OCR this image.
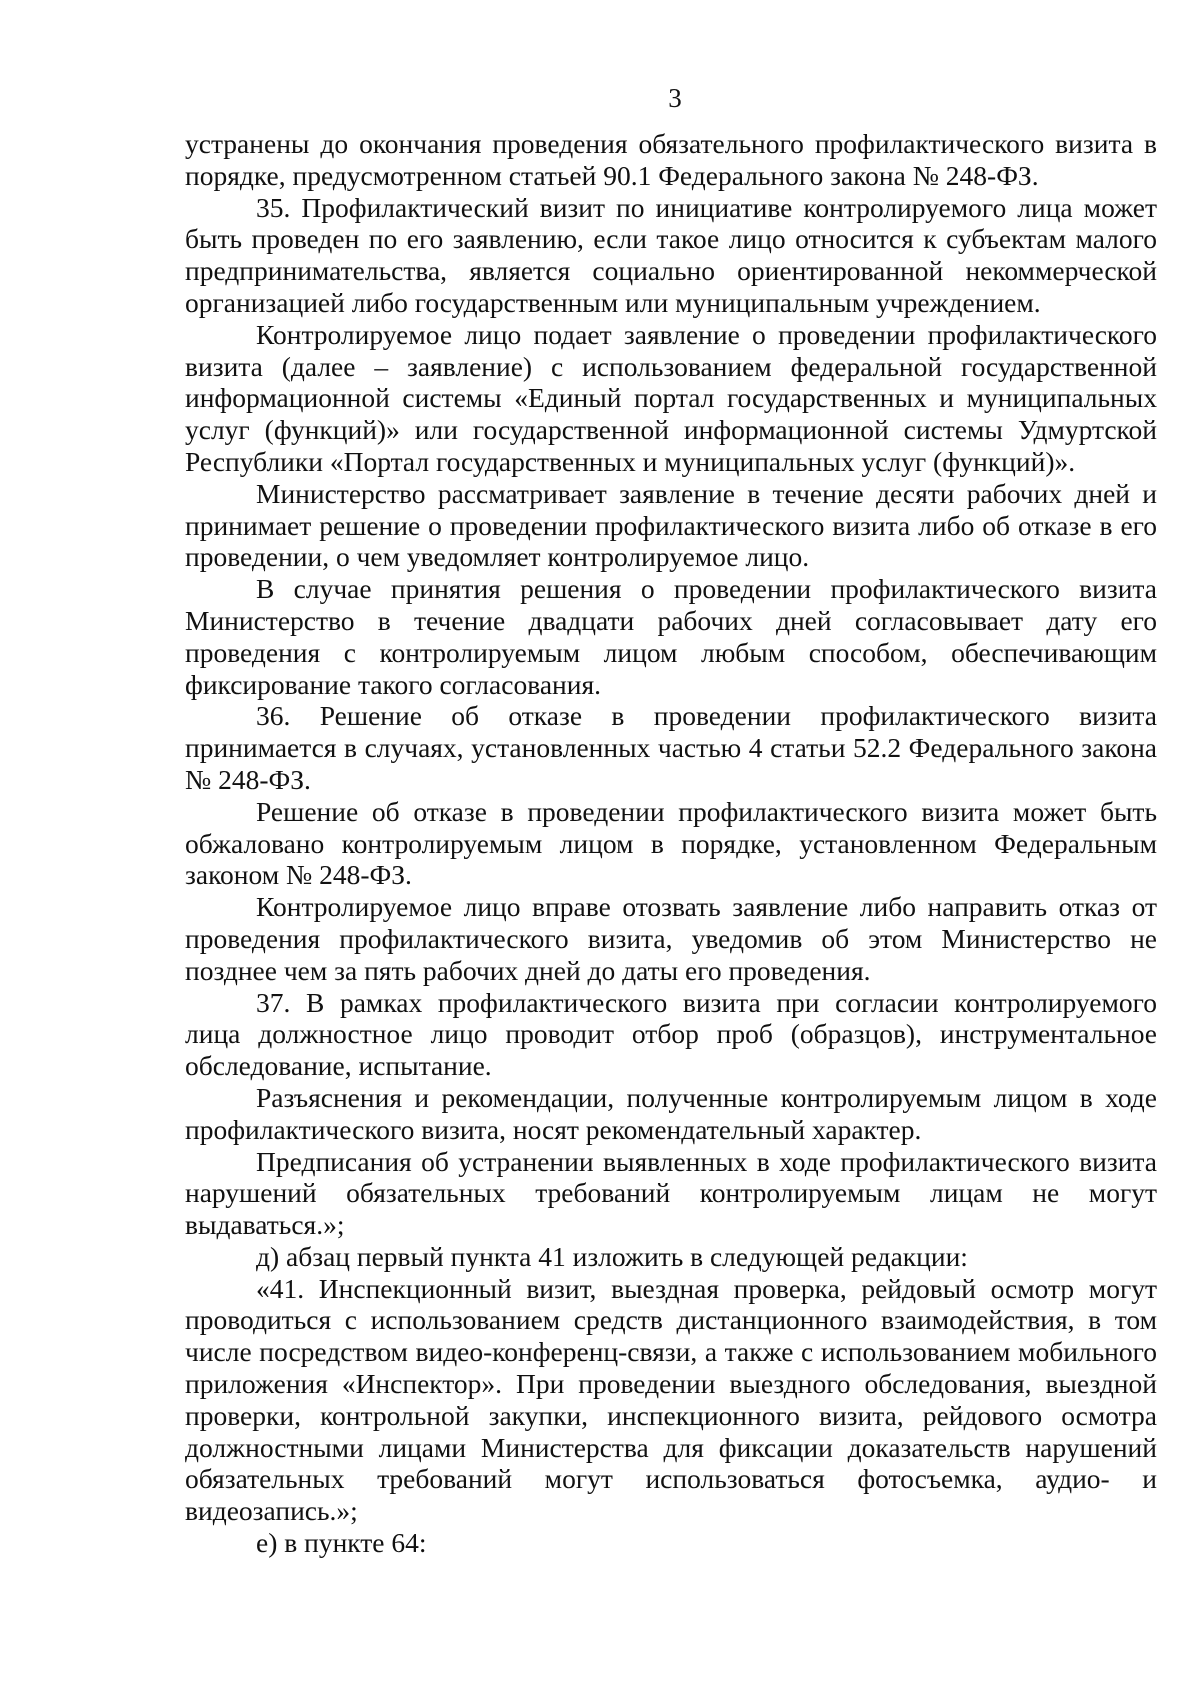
3

устранены до окончания проведения обязательного профилактического визита в порядке, предусмотренном статьей 90.1 Федерального закона № 248-ФЗ.

35. Профилактический визит по инициативе контролируемого лица может быть проведен по его заявлению, если такое лицо относится к субъектам малого предпринимательства, является социально ориентированной некоммерческой организацией либо государственным или муниципальным учреждением.

Контролируемое лицо подает заявление о проведении профилактического визита (далее – заявление) с использованием федеральной государственной информационной системы «Единый портал государственных и муниципальных услуг (функций)» или государственной информационной системы Удмуртской Республики «Портал государственных и муниципальных услуг (функций)».

Министерство рассматривает заявление в течение десяти рабочих дней и принимает решение о проведении профилактического визита либо об отказе в его проведении, о чем уведомляет контролируемое лицо.

В случае принятия решения о проведении профилактического визита Министерство в течение двадцати рабочих дней согласовывает дату его проведения с контролируемым лицом любым способом, обеспечивающим фиксирование такого согласования.

36. Решение об отказе в проведении профилактического визита принимается в случаях, установленных частью 4 статьи 52.2 Федерального закона № 248-ФЗ.

Решение об отказе в проведении профилактического визита может быть обжаловано контролируемым лицом в порядке, установленном Федеральным законом № 248-ФЗ.

Контролируемое лицо вправе отозвать заявление либо направить отказ от проведения профилактического визита, уведомив об этом Министерство не позднее чем за пять рабочих дней до даты его проведения.

37. В рамках профилактического визита при согласии контролируемого лица должностное лицо проводит отбор проб (образцов), инструментальное обследование, испытание.

Разъяснения и рекомендации, полученные контролируемым лицом в ходе профилактического визита, носят рекомендательный характер.

Предписания об устранении выявленных в ходе профилактического визита нарушений обязательных требований контролируемым лицам не могут выдаваться.»;

д) абзац первый пункта 41 изложить в следующей редакции:

«41. Инспекционный визит, выездная проверка, рейдовый осмотр могут проводиться с использованием средств дистанционного взаимодействия, в том числе посредством видео-конференц-связи, а также с использованием мобильного приложения «Инспектор». При проведении выездного обследования, выездной проверки, контрольной закупки, инспекционного визита, рейдового осмотра должностными лицами Министерства для фиксации доказательств нарушений обязательных требований могут использоваться фотосъемка, аудио- и видеозапись.»;

е) в пункте 64:
